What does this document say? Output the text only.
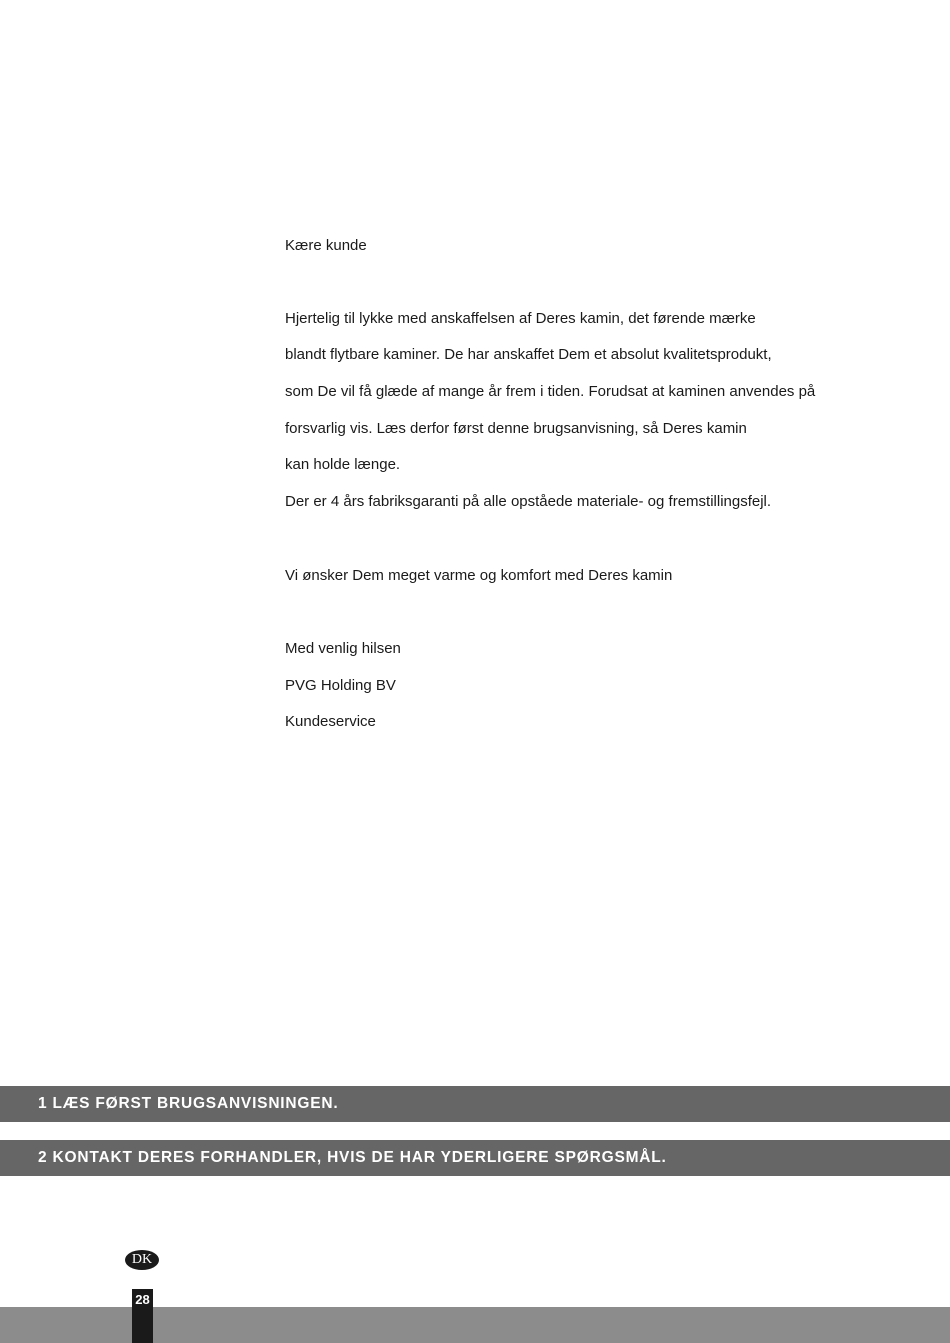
Kære kunde
Hjertelig til lykke med anskaffelsen af Deres kamin, det førende mærke
blandt flytbare kaminer. De har anskaffet Dem et absolut kvalitetsprodukt,
som De vil få glæde af mange år frem i tiden. Forudsat at kaminen anvendes på
forsvarlig vis. Læs derfor først denne brugsanvisning, så Deres kamin
kan holde længe.
Der er 4 års fabriksgaranti på alle opståede materiale- og fremstillingsfejl.
Vi ønsker Dem meget varme og komfort med Deres kamin
Med venlig hilsen
PVG Holding BV
Kundeservice
1 LÆS FØRST BRUGSANVISNINGEN.
2 KONTAKT DERES FORHANDLER, HVIS DE HAR YDERLIGERE SPØRGSMÅL.
DK
28
